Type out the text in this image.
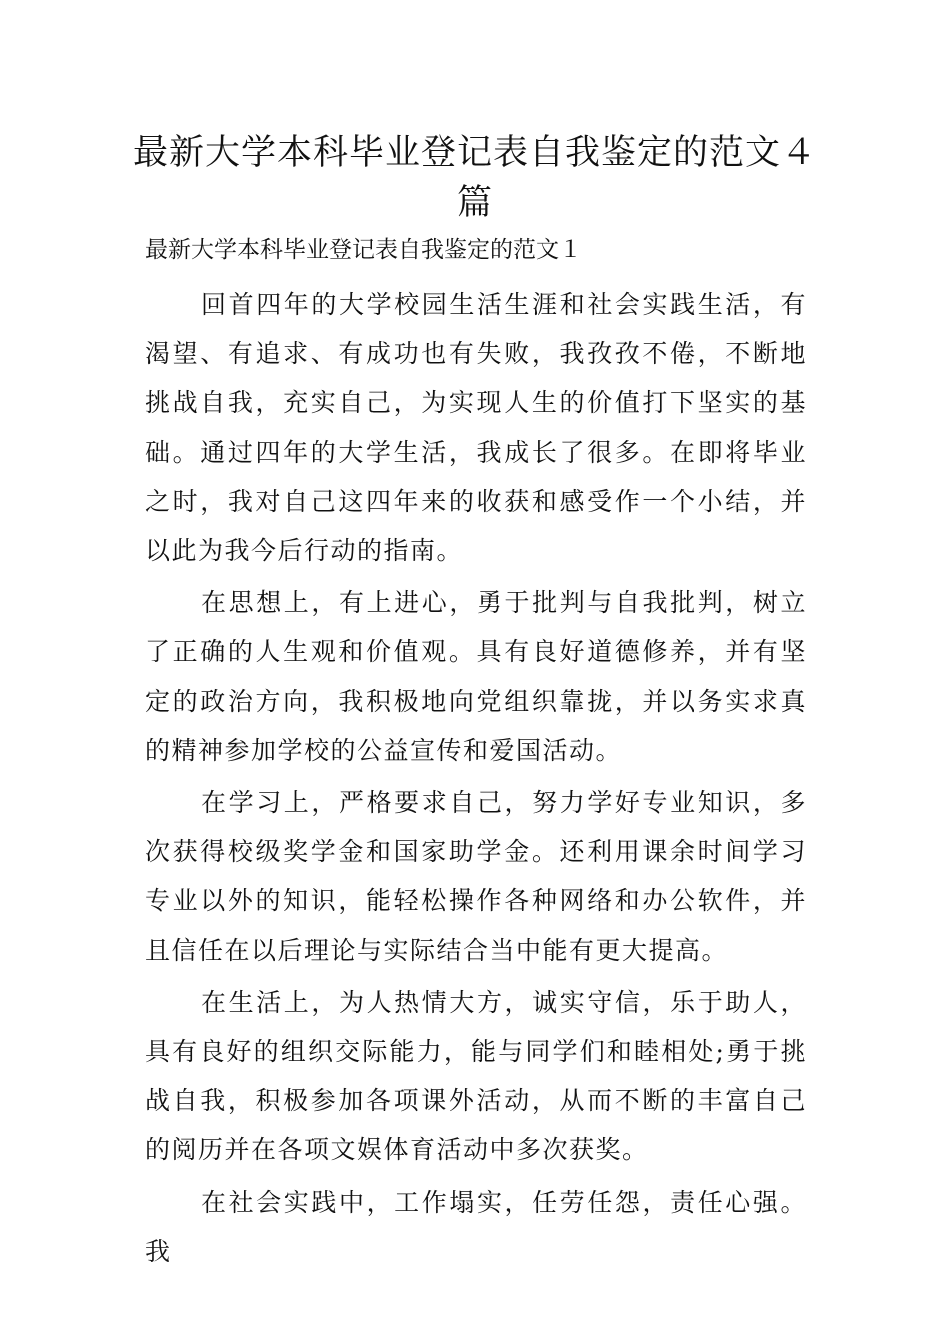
最新大学本科毕业登记表自我鉴定的范文４篇

最新大学本科毕业登记表自我鉴定的范文１

回首四年的大学校园生活生涯和社会实践生活，有渴望、有追求、有成功也有失败，我孜孜不倦，不断地挑战自我，充实自己，为实现人生的价值打下坚实的基础。通过四年的大学生活，我成长了很多。在即将毕业之时，我对自己这四年来的收获和感受作一个小结，并以此为我今后行动的指南。

在思想上，有上进心，勇于批判与自我批判，树立了正确的人生观和价值观。具有良好道德修养，并有坚定的政治方向，我积极地向党组织靠拢，并以务实求真的精神参加学校的公益宣传和爱国活动。

在学习上，严格要求自己，努力学好专业知识，多次获得校级奖学金和国家助学金。还利用课余时间学习专业以外的知识，能轻松操作各种网络和办公软件，并且信任在以后理论与实际结合当中能有更大提高。

在生活上，为人热情大方，诚实守信，乐于助人，具有良好的组织交际能力，能与同学们和睦相处;勇于挑战自我，积极参加各项课外活动，从而不断的丰富自己的阅历并在各项文娱体育活动中多次获奖。

在社会实践中，工作塌实，任劳任怨，责任心强。我
